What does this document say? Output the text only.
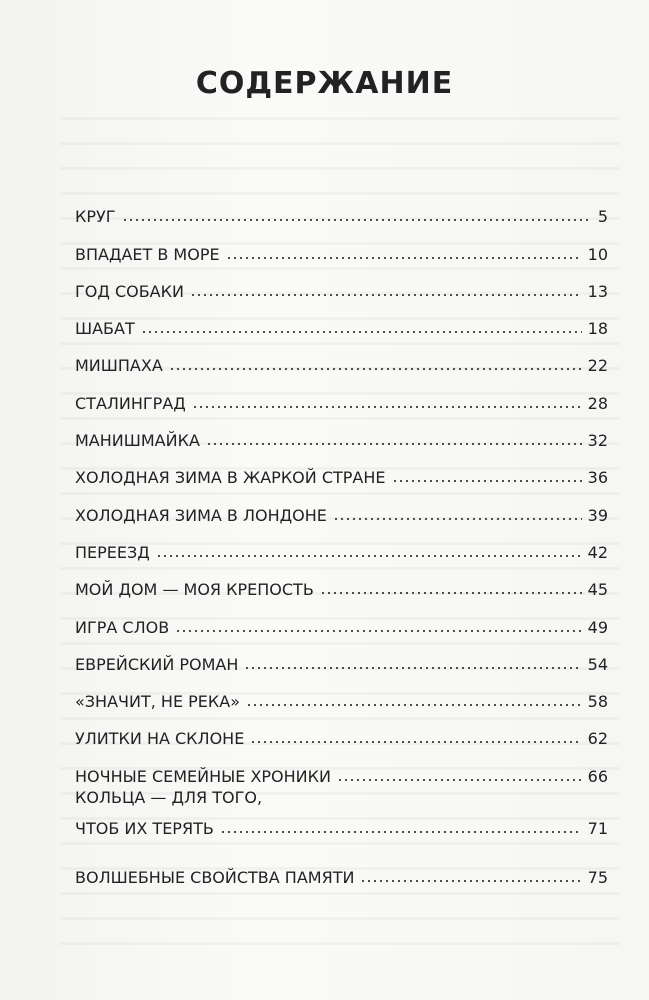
СОДЕРЖАНИЕ
КРУГ	5
ВПАДАЕТ В МОРЕ	10
ГОД СОБАКИ	13
ШАБАТ	18
МИШПАХА	22
СТАЛИНГРАД	28
МАНИШМАЙКА	32
ХОЛОДНАЯ ЗИМА В ЖАРКОЙ СТРАНЕ	36
ХОЛОДНАЯ ЗИМА В ЛОНДОНЕ	39
ПЕРЕЕЗД	42
МОЙ ДОМ — МОЯ КРЕПОСТЬ	45
ИГРА СЛОВ	49
ЕВРЕЙСКИЙ РОМАН	54
«ЗНАЧИТ, НЕ РЕКА»	58
УЛИТКИ НА СКЛОНЕ	62
НОЧНЫЕ СЕМЕЙНЫЕ ХРОНИКИ	66
КОЛЬЦА — ДЛЯ ТОГО,
ЧТОБ ИХ ТЕРЯТЬ	71
ВОЛШЕБНЫЕ СВОЙСТВА ПАМЯТИ	75
